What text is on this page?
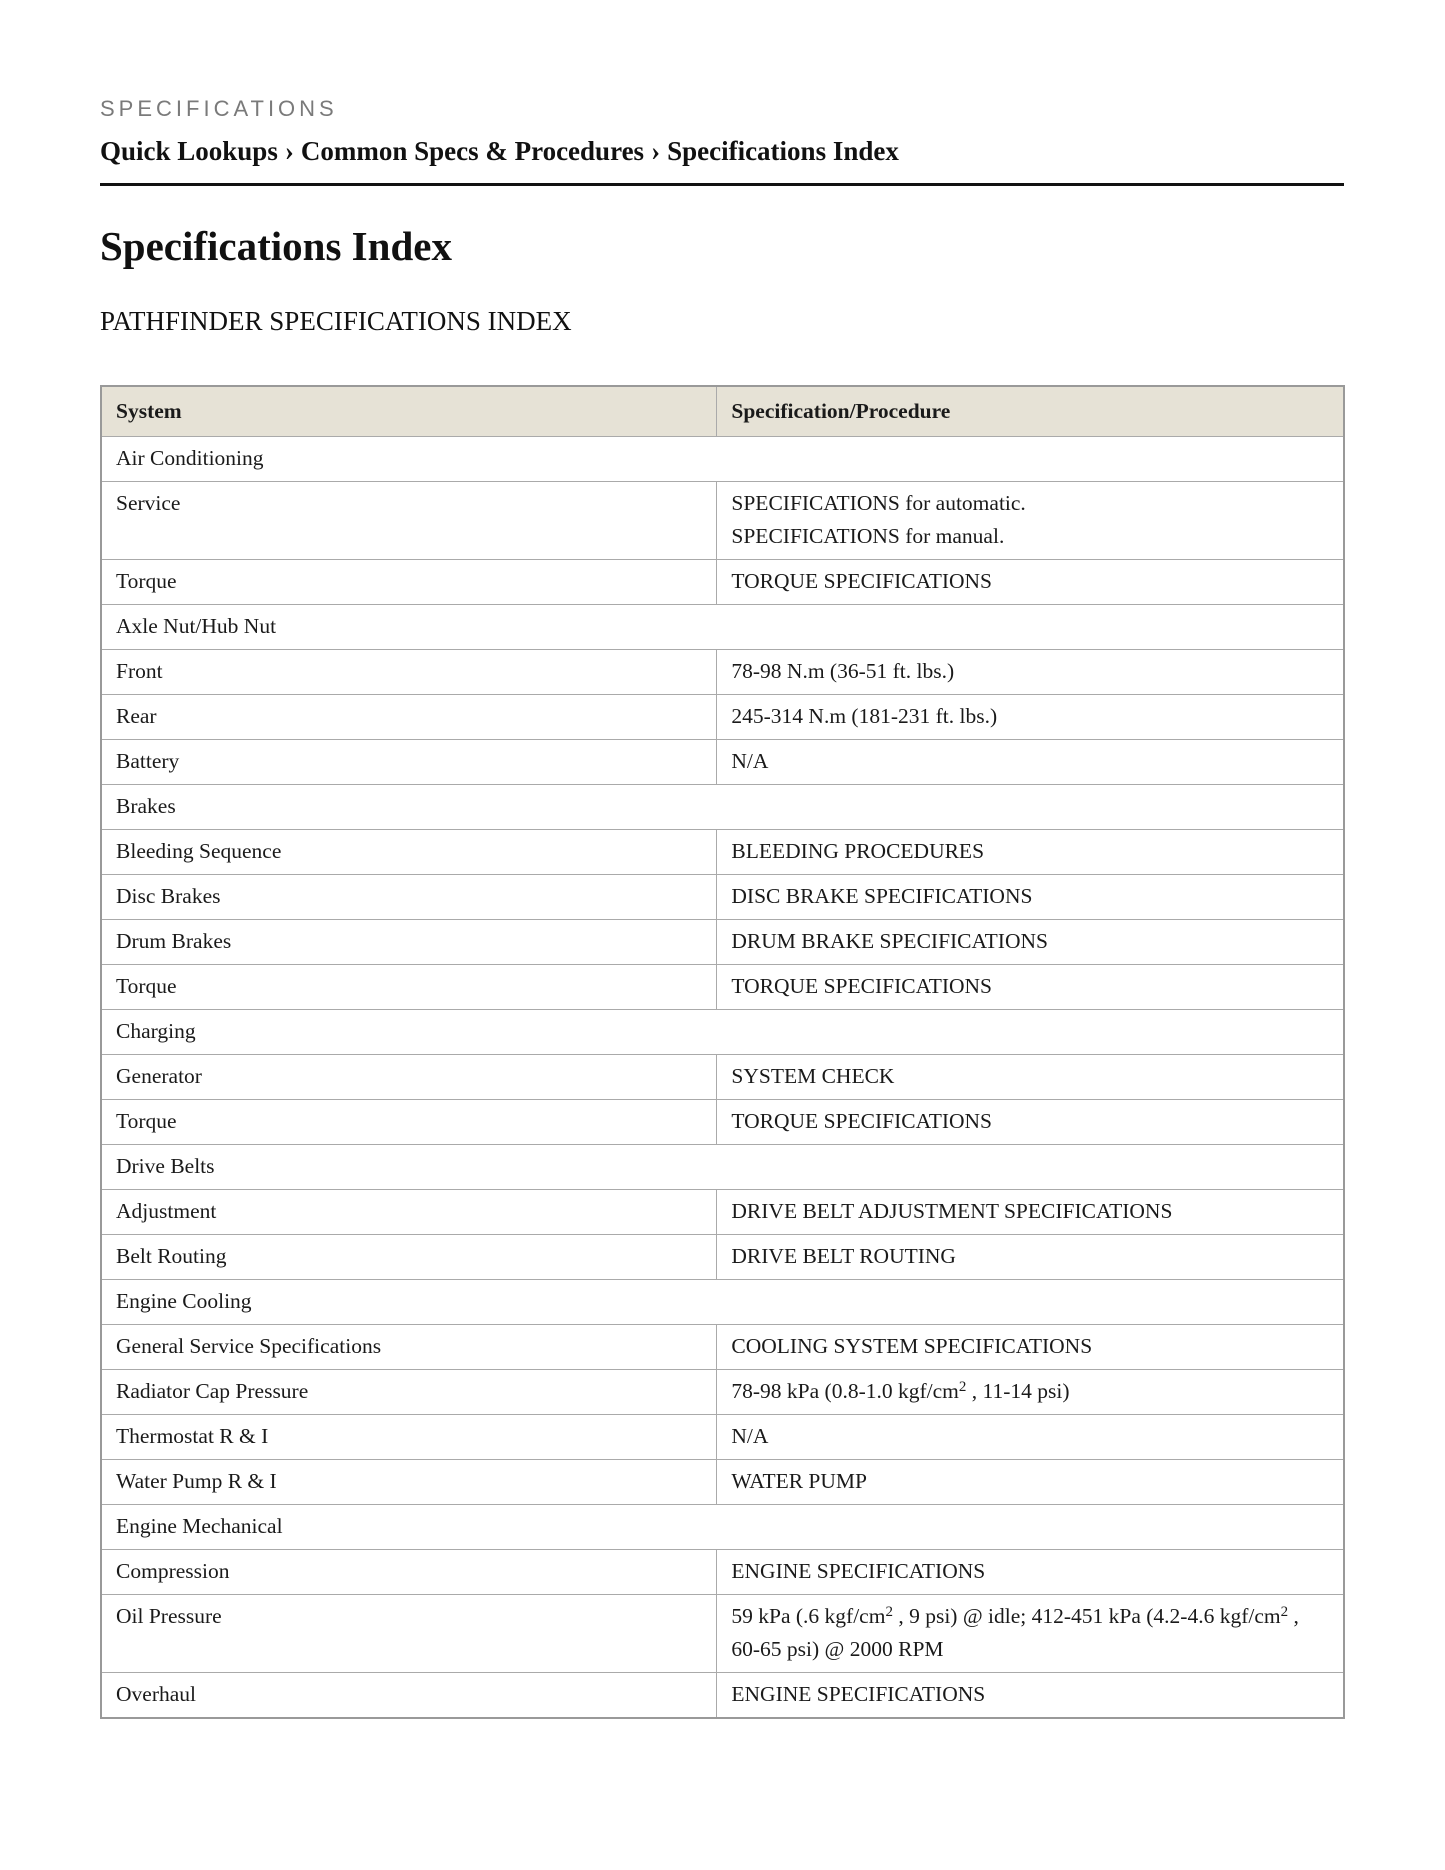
SPECIFICATIONS
Quick Lookups › Common Specs & Procedures › Specifications Index
Specifications Index
PATHFINDER SPECIFICATIONS INDEX
System	Specification/Procedure
Air Conditioning	
Service	SPECIFICATIONS for automatic.
SPECIFICATIONS for manual.

Torque	TORQUE SPECIFICATIONS

Axle Nut/Hub Nut	
Front	78-98 N.m (36-51 ft. lbs.)

Rear	245-314 N.m (181-231 ft. lbs.)

Battery	N/A

Brakes	
Bleeding Sequence	BLEEDING PROCEDURES

Disc Brakes	DISC BRAKE SPECIFICATIONS

Drum Brakes	DRUM BRAKE SPECIFICATIONS

Torque	TORQUE SPECIFICATIONS

Charging	
Generator	SYSTEM CHECK

Torque	TORQUE SPECIFICATIONS

Drive Belts	
Adjustment	DRIVE BELT ADJUSTMENT SPECIFICATIONS

Belt Routing	DRIVE BELT ROUTING

Engine Cooling	
General Service Specifications	COOLING SYSTEM SPECIFICATIONS

Radiator Cap Pressure	78-98 kPa (0.8-1.0 kgf/$cm^2$ , 11-14 psi)

Thermostat R & I	N/A

Water Pump R & I	WATER PUMP

Engine Mechanical	
Compression	ENGINE SPECIFICATIONS

Oil Pressure	59 kPa (.6 kgf/$cm^2$ , 9 psi) @ idle; 412-451 kPa (4.2-4.6 kgf/$cm^2$ ,
60-65 psi) @ 2000 RPM

Overhaul	ENGINE SPECIFICATIONS
